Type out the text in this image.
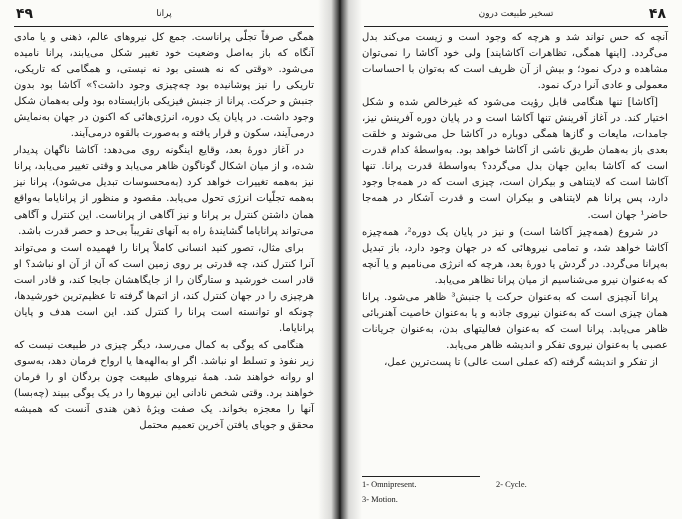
۴۹	پرانا

همگی صرفاً تجلّی پراناست. جمع کل نیروهای عالم، ذهنی و یا مادی آنگاه که باز به‌اصل وضعیت خود تغییر شکل می‌یابند، پرانا نامیده می‌شود. «وقتی که نه هستی بود نه نیستی، و همگامی که تاریکی، تاریکی را نیز پوشانیده بود چه‌چیزی وجود داشت؟» آکاشا بود بدون جنبش و حرکت. پرانا از جنبش فیزیکی بازایستاده بود ولی به‌همان شکل وجود داشت. در پایان یک دوره، انرژی‌هائی که اکنون در جهان به‌نمایش درمی‌آیند، سکون و قرار یافته و به‌صورت بالقوه درمی‌آیند.

در آغاز دورهٔ بعد، وقایع اینگونه روی می‌دهد: آکاشا ناگهان پدیدار شده، و از میان اشکال گوناگون ظاهر می‌یابد و وقتی تغییر می‌یابد، پرانا نیز به‌همه تغییرات خواهد کرد (به‌محسوسات تبدیل می‌شود)، پرانا نیز به‌همه تجلّیات انرژی تحول می‌یابد. مقصود و منظور از پرانایاما به‌واقع همان داشتن کنترل بر پرانا و نیز آگاهی از پراناست. این کنترل و آگاهی می‌تواند پرانایاما گشاینده‌ٔ راه به آنهای تقریباً بی‌حد و حصر قدرت باشد.

برای مثال، تصور کنید انسانی کاملاً پرانا را فهمیده است و می‌تواند آنرا کنترل کند، چه قدرتی بر روی زمین است که آن از آن او نباشد؟ او قادر است خورشید و ستارگان را از جایگاهشان جابجا کند، و قادر است هرچیزی را در جهان کنترل کند، از اتم‌ها گرفته تا عظیم‌ترین خورشیدها، چونکه او توانسته است پرانا را کنترل کند. این است هدف و پایان پرانایاما.

هنگامی که یوگی به کمال می‌رسد، دیگر چیزی در طبیعت نیست که زیر نفوذ و تسلط او نباشد. اگر او به‌الهه‌ها یا ارواح فرمان دهد، به‌سوی او روانه خواهند شد. همهٔ نیروهای طبیعت چون بردگان او را فرمان خواهند برد. وقتی شخص نادانی این نیروها را در یک یوگی ببیند (چه‌بسا) آنها را معجزه بخواند. یک صفت ویژهٔ ذهن هندی آنست که همیشه محقق و جویای یافتن آخرین تعمیم محتمل

۴۸
تسخیر طبیعت درون

آنچه که حس تواند شد و هرچه که وجود است و زیست می‌کند بدل می‌گردد. [اینها همگی، تظاهرات آکاشایند] ولی خود آکاشا را نمی‌توان مشاهده و درک نمود؛ و بیش از آن ظریف است که به‌توان با احساسات معمولی و عادی آنرا درک نمود.

[آکاشا] تنها هنگامی قابل رؤیت می‌شود که غیرخالص شده و شکل اختیار کند. در آغاز آفرینش تنها آکاشا است و در پایان دوره آفرینش نیز، جامدات، مایعات و گازها همگی دوباره در آکاشا حل می‌شوند و خلقت بعدی باز به‌همان طریق ناشی از آکاشا خواهد بود. به‌واسطهٔ کدام قدرت است که آکاشا به‌این جهان بدل می‌گردد؟ به‌واسطهٔ قدرت پرانا. تنها آکاشا است که لایتناهی و بیکران است، چیزی است که در همه‌جا وجود دارد، پس پرانا هم لایتناهی و بیکران است و قدرت آشکار در همه‌جا حاضر¹ جهان است.

در شروع (همه‌چیز آکاشا است) و نیز در پایان یک دوره²، همه‌چیزه آکاشا خواهد شد، و تمامی نیروهائی که در جهان وجود دارد، باز تبدیل به‌پرانا می‌گردد. در گردش یا دورهٔ بعد، هرچه که انرژی می‌نامیم و یا آنچه که به‌عنوان نیرو می‌شناسیم از میان پرانا تظاهر می‌یابد.

پرانا آنچیزی است که به‌عنوان حرکت یا جنبش³ ظاهر می‌شود. پرانا همان چیزی است که به‌عنوان نیروی جاذبه و یا به‌عنوان خاصیت آهنربائی ظاهر می‌یابد. پرانا است که به‌عنوان فعالیتهای بدن، به‌عنوان جریانات عصبی یا به‌عنوان نیروی تفکر و اندیشه ظاهر می‌یابد.

از تفکر و اندیشه گرفته (که عملی است عالی) تا پست‌ترین عمل،

1- Omnipresent.	2- Cycle.
3- Motion.
